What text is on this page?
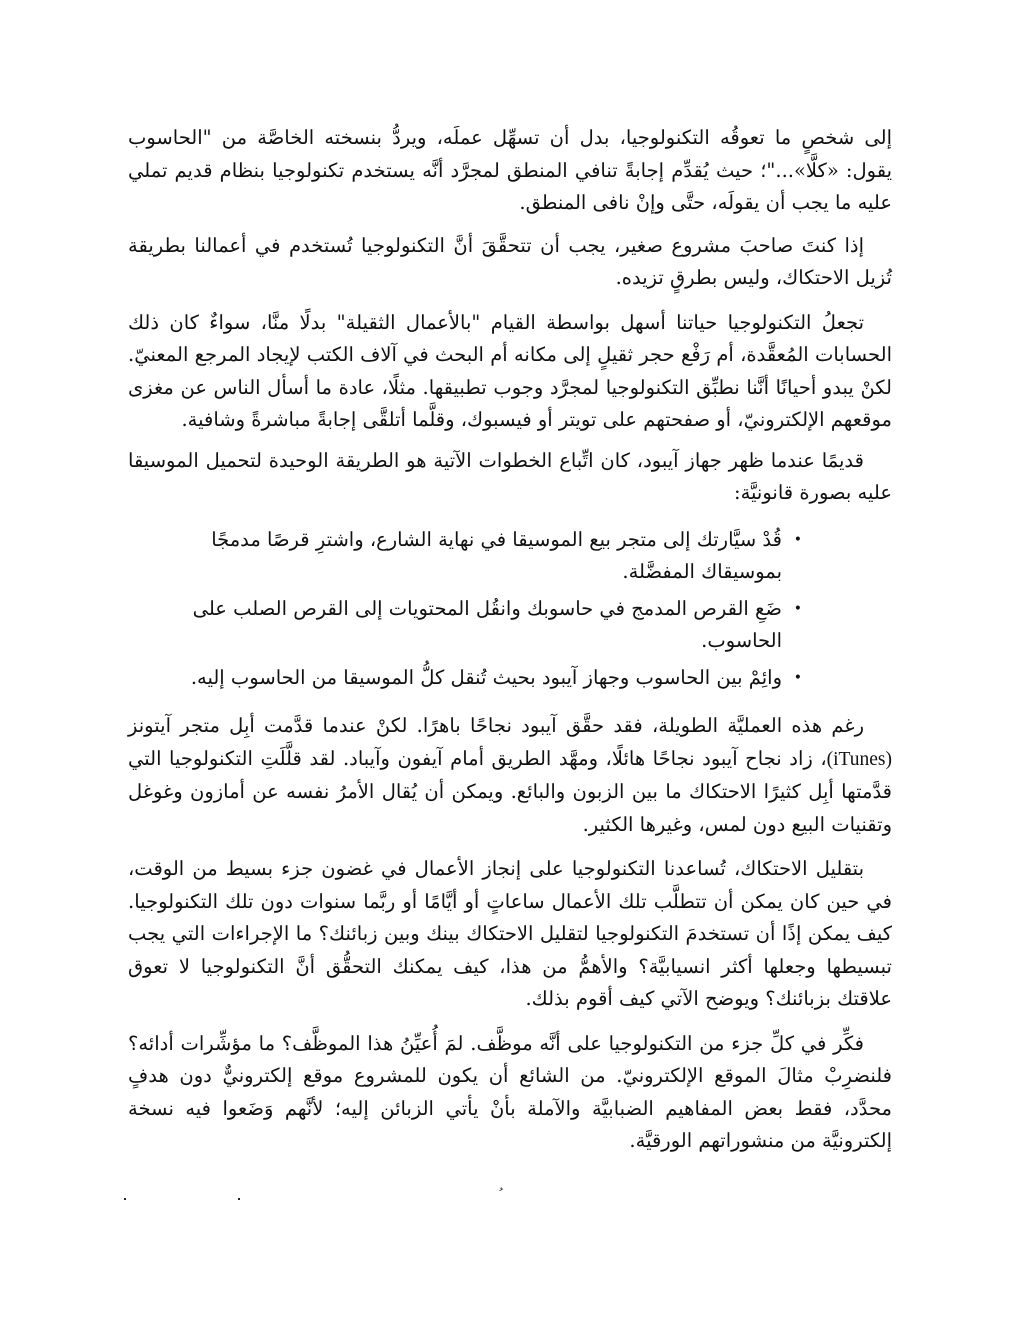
إلى شخصٍ ما تعوقُه التكنولوجيا، بدل أن تسهِّل عملَه، ويردُّ بنسخته الخاصَّة من "الحاسوب يقول: «كلَّا»..."؛ حيث يُقدِّم إجابةً تنافي المنطق لمجرَّد أنَّه يستخدم تكنولوجيا بنظام قديم تملي عليه ما يجب أن يقولَه، حتَّى وإنْ نافى المنطق.

إذا كنتَ صاحبَ مشروع صغير، يجب أن تتحقَّقَ أنَّ التكنولوجيا تُستخدم في أعمالنا بطريقة تُزيل الاحتكاك، وليس بطرقٍ تزيده.

تجعلُ التكنولوجيا حياتنا أسهل بواسطة القيام "بالأعمال الثقيلة" بدلًا منَّا، سواءٌ كان ذلك الحسابات المُعقَّدة، أم رَفْع حجر ثقيلٍ إلى مكانه أم البحث في آلاف الكتب لإيجاد المرجع المعنيّ. لكنْ يبدو أحيانًا أنَّنا نطبِّق التكنولوجيا لمجرَّد وجوب تطبيقها. مثلًا، عادة ما أسأل الناس عن مغزى موقعهم الإلكترونيّ، أو صفحتهم على تويتر أو فيسبوك، وقلَّما أتلقَّى إجابةً مباشرةً وشافية.

قديمًا عندما ظهر جهاز آيبود، كان اتِّباع الخطوات الآتية هو الطريقة الوحيدة لتحميل الموسيقا عليه بصورة قانونيَّة:

•
قُدْ سيَّارتك إلى متجر بيع الموسيقا في نهاية الشارع، واشترِ قرصًا مدمجًا بموسيقاك المفضَّلة.
•
ضَعِ القرص المدمج في حاسوبك وانقُل المحتويات إلى القرص الصلب على الحاسوب.
•
وائِمْ بين الحاسوب وجهاز آيبود بحيث تُنقل كلُّ الموسيقا من الحاسوب إليه.

رغم هذه العمليَّة الطويلة، فقد حقَّق آيبود نجاحًا باهرًا. لكنْ عندما قدَّمت أبِل متجر آيتونز (iTunes)، زاد نجاح آيبود نجاحًا هائلًا، ومهَّد الطريق أمام آيفون وآيباد. لقد قلَّلَتِ التكنولوجيا التي قدَّمتها أبِل كثيرًا الاحتكاك ما بين الزبون والبائع. ويمكن أن يُقال الأمرُ نفسه عن أمازون وغوغل وتقنيات البيع دون لمس، وغيرها الكثير.

بتقليل الاحتكاك، تُساعدنا التكنولوجيا على إنجاز الأعمال في غضون جزء بسيط من الوقت، في حين كان يمكن أن تتطلَّب تلك الأعمال ساعاتٍ أو أيَّامًا أو ربَّما سنوات دون تلك التكنولوجيا. كيف يمكن إذًا أن تستخدمَ التكنولوجيا لتقليل الاحتكاك بينك وبين زبائنك؟ ما الإجراءات التي يجب تبسيطها وجعلها أكثر انسيابيَّة؟ والأهمُّ من هذا، كيف يمكنك التحقُّق أنَّ التكنولوجيا لا تعوق علاقتك بزبائنك؟ ويوضح الآتي كيف أقوم بذلك.

فكِّر في كلِّ جزء من التكنولوجيا على أنَّه موظَّف. لمَ أُعيِّنُ هذا الموظَّف؟ ما مؤشِّرات أدائه؟ فلنضرِبْ مثالَ الموقع الإلكترونيّ. من الشائع أن يكون للمشروع موقع إلكترونيٌّ دون هدفٍ محدَّد، فقط بعض المفاهيم الضبابيَّة والآملة بأنْ يأتي الزبائن إليه؛ لأنَّهم وَضَعوا فيه نسخة إلكترونيَّة من منشوراتهم الورقيَّة.
